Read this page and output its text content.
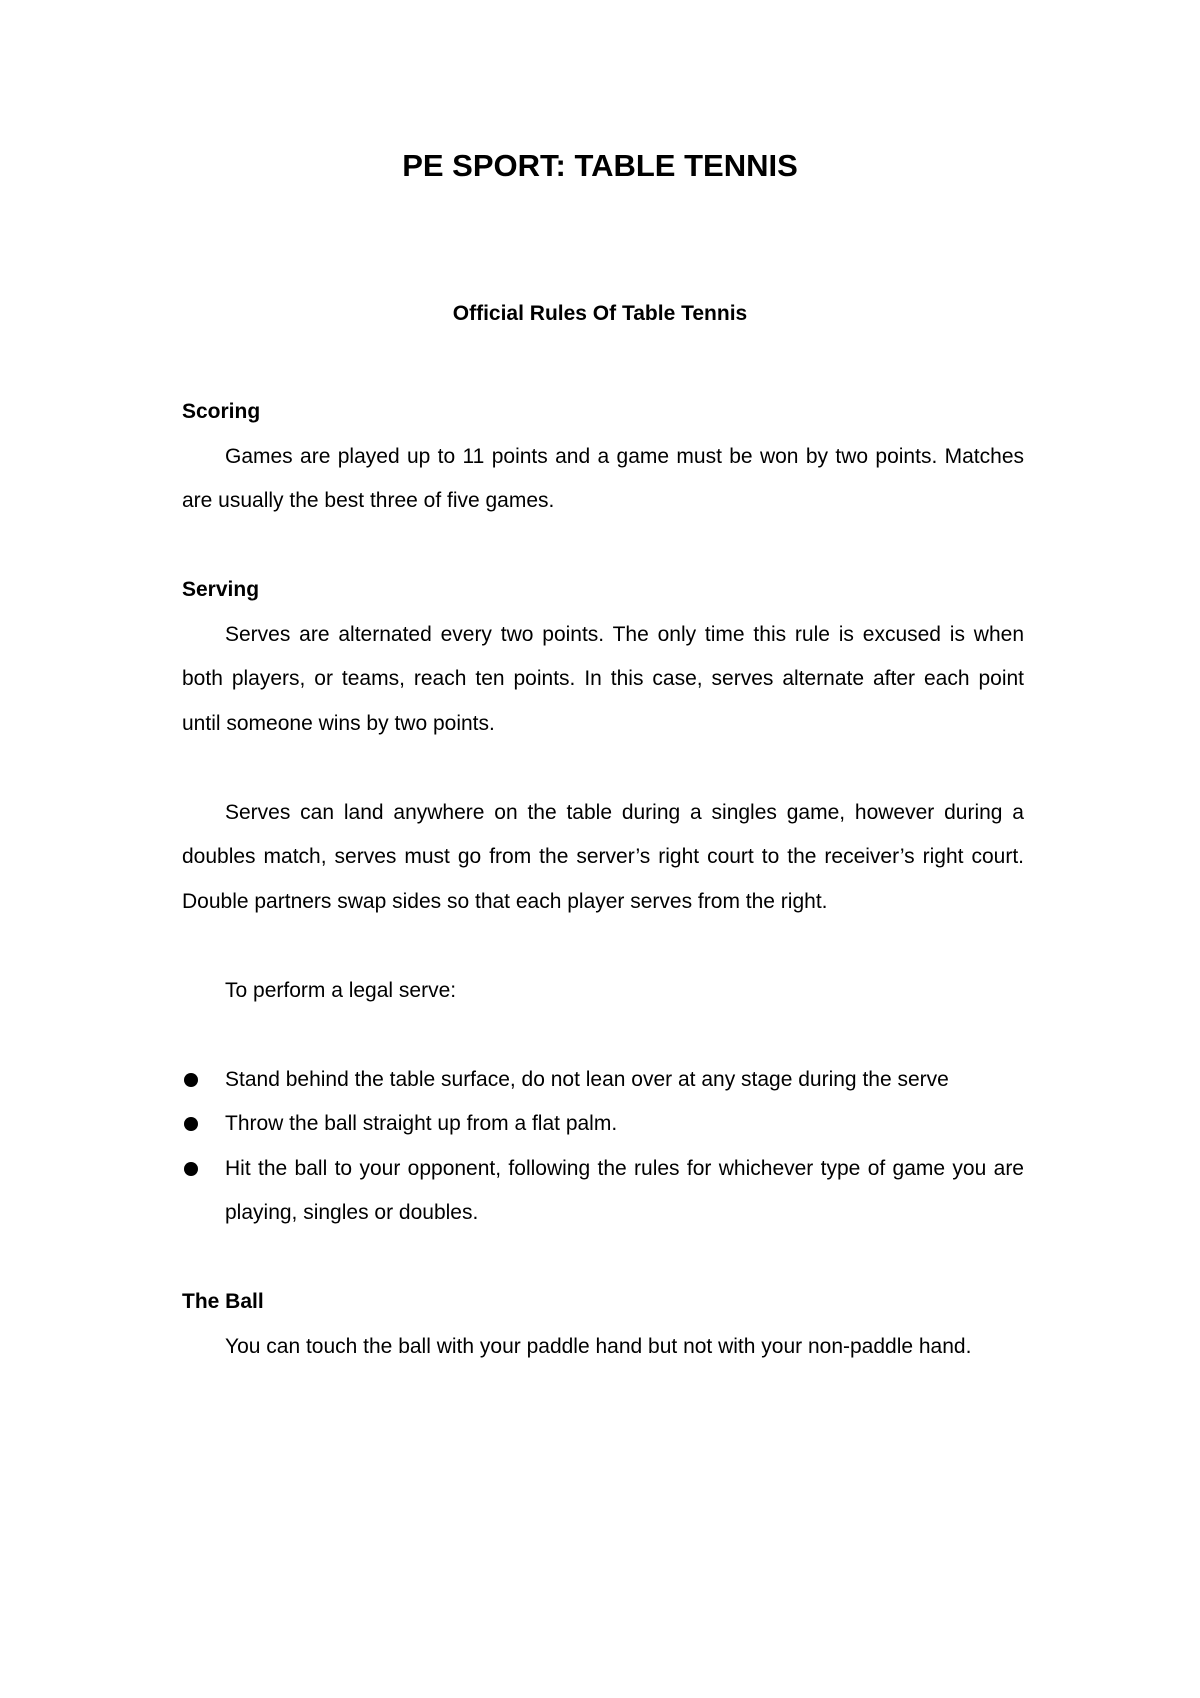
PE SPORT: TABLE TENNIS
Official Rules Of Table Tennis

Scoring

Games are played up to 11 points and a game must be won by two points. Matches are usually the best three of five games.

Serving

Serves are alternated every two points. The only time this rule is excused is when both players, or teams, reach ten points. In this case, serves alternate after each point until someone wins by two points.

Serves can land anywhere on the table during a singles game, however during a doubles match, serves must go from the server’s right court to the receiver’s right court. Double partners swap sides so that each player serves from the right.

To perform a legal serve:

Stand behind the table surface, do not lean over at any stage during the serve
Throw the ball straight up from a flat palm.
Hit the ball to your opponent, following the rules for whichever type of game you are playing, singles or doubles.

The Ball

You can touch the ball with your paddle hand but not with your non-paddle hand.
